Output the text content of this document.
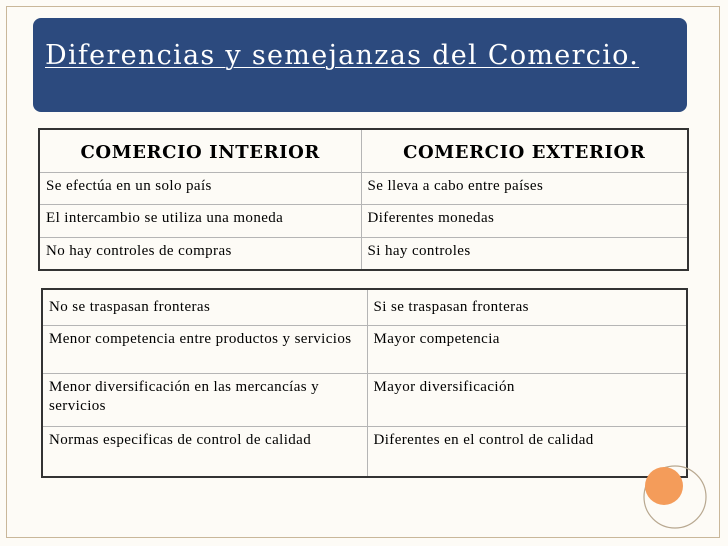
Diferencias y semejanzas del Comercio.
COMERCIO INTERIOR	COMERCIO EXTERIOR
Se efectúa en un solo país	Se lleva a cabo entre países
El intercambio se utiliza una moneda	Diferentes monedas
No hay controles de compras	Si hay controles
No se traspasan fronteras	Si se traspasan fronteras
Menor competencia entre productos y servicios	Mayor competencia
Menor diversificación en las mercancías y servicios	Mayor diversificación
Normas especificas de control de calidad	Diferentes en el control de calidad
